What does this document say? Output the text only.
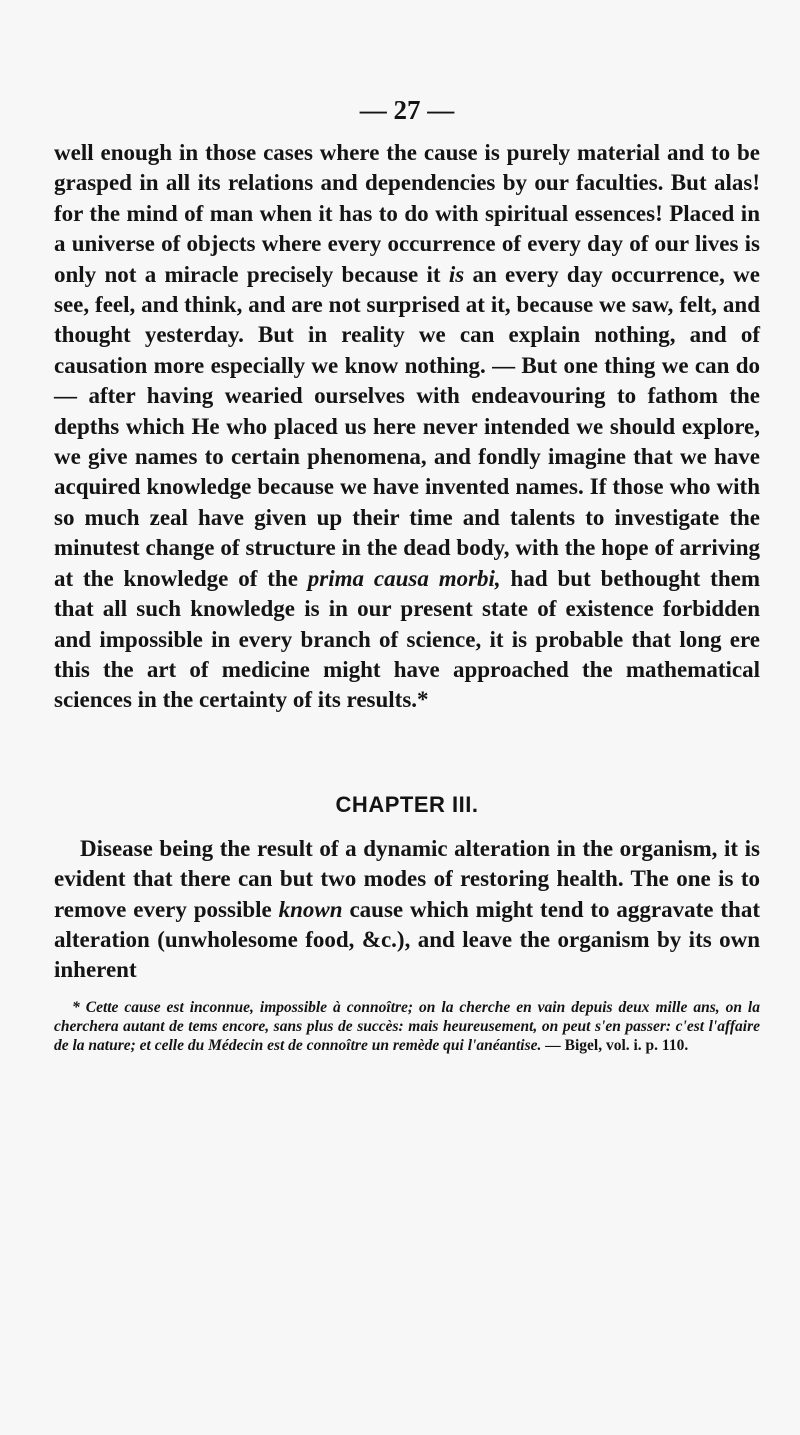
— 27 —

well enough in those cases where the cause is purely material and to be grasped in all its relations and dependencies by our faculties. But alas! for the mind of man when it has to do with spiritual essences! Placed in a universe of objects where every occurrence of every day of our lives is only not a miracle precisely because it is an every day occurrence, we see, feel, and think, and are not surprised at it, because we saw, felt, and thought yesterday. But in reality we can explain nothing, and of causation more especially we know nothing. — But one thing we can do — after having wearied ourselves with endeavouring to fathom the depths which He who placed us here never intended we should explore, we give names to certain phenomena, and fondly imagine that we have acquired knowledge because we have invented names. If those who with so much zeal have given up their time and talents to investigate the minutest change of structure in the dead body, with the hope of arriving at the knowledge of the prima causa morbi, had but bethought them that all such knowledge is in our present state of existence forbidden and impossible in every branch of science, it is probable that long ere this the art of medicine might have approached the mathematical sciences in the certainty of its results.*

CHAPTER III.

Disease being the result of a dynamic alteration in the organism, it is evident that there can but two modes of restoring health. The one is to remove every possible known cause which might tend to aggravate that alteration (unwholesome food, &c.), and leave the organism by its own inherent

* Cette cause est inconnue, impossible à connoître; on la cherche en vain depuis deux mille ans, on la cherchera autant de tems encore, sans plus de succès: mais heureusement, on peut s'en passer: c'est l'affaire de la nature; et celle du Médecin est de connoître un remède qui l'anéantise. — Bigel, vol. i. p. 110.
